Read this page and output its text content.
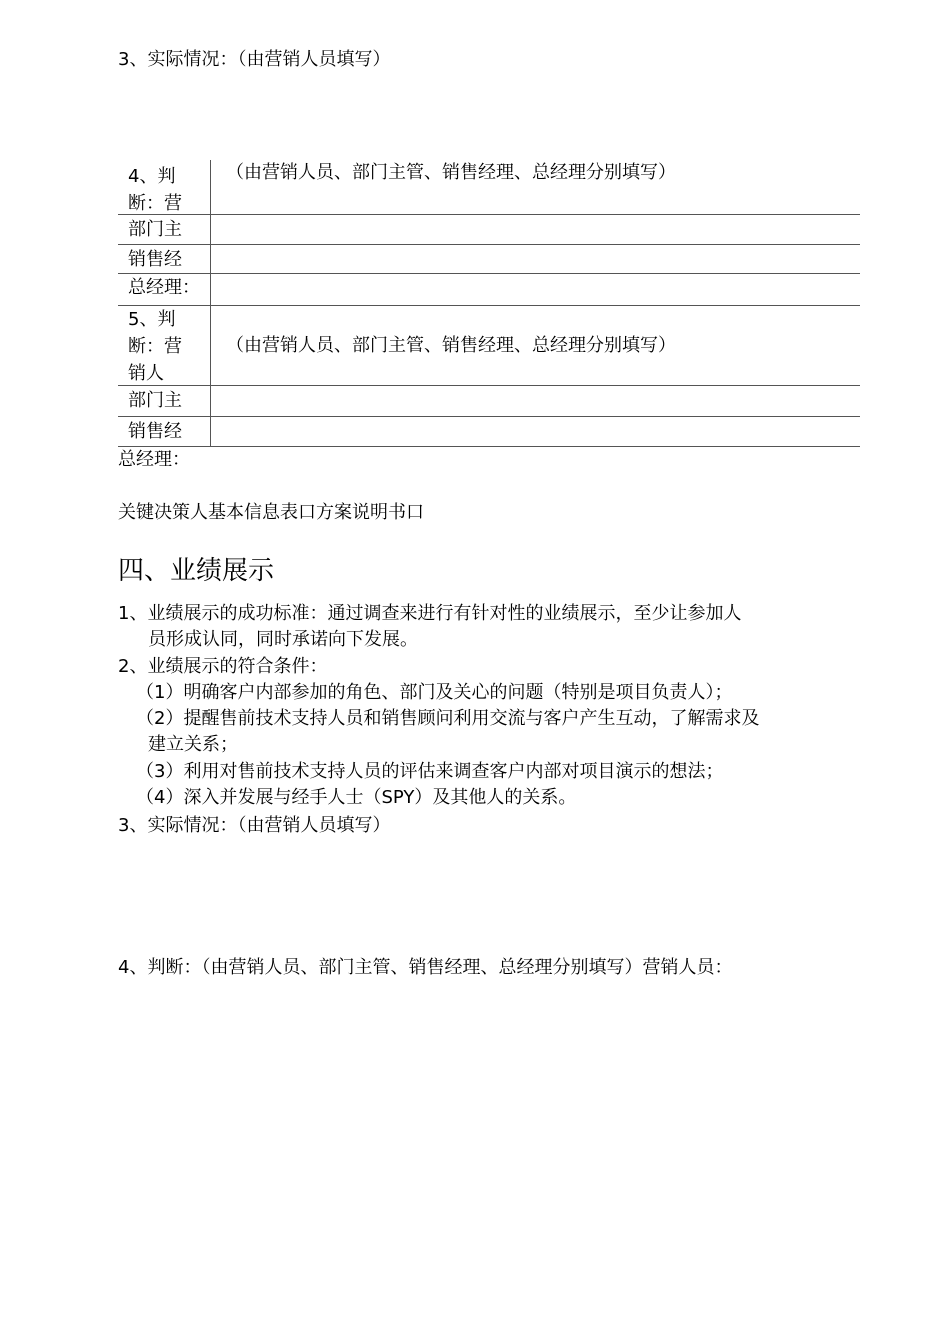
3、实际情况：（由营销人员填写）
4、判断：营
（由营销人员、部门主管、销售经理、总经理分别填写）
部门主
销售经
总经理：
5、判断：营销人
（由营销人员、部门主管、销售经理、总经理分别填写）
部门主
销售经
总经理：
关键决策人基本信息表口方案说明书口
四、业绩展示
1、业绩展示的成功标准：通过调查来进行有针对性的业绩展示，至少让参加人
员形成认同，同时承诺向下发展。
2、业绩展示的符合条件：
（1）明确客户内部参加的角色、部门及关心的问题（特别是项目负责人）；
（2）提醒售前技术支持人员和销售顾问利用交流与客户产生互动，了解需求及
建立关系；
（3）利用对售前技术支持人员的评估来调查客户内部对项目演示的想法；
（4）深入并发展与经手人士（SPY）及其他人的关系。
3、实际情况：（由营销人员填写）
4、判断：（由营销人员、部门主管、销售经理、总经理分别填写）营销人员：
